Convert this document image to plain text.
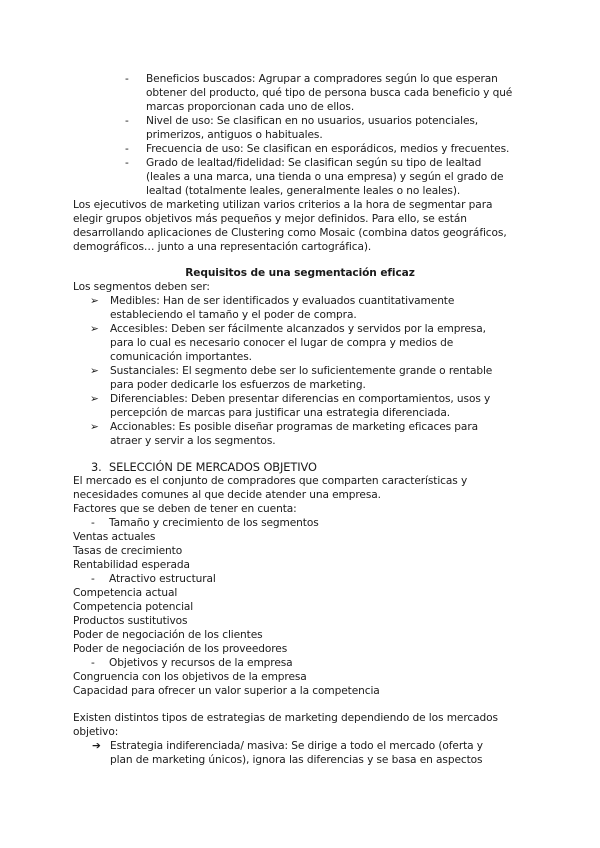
- Beneficios buscados: Agrupar a compradores según lo que esperan
obtener del producto, qué tipo de persona busca cada beneficio y qué
marcas proporcionan cada uno de ellos.
- Nivel de uso: Se clasifican en no usuarios, usuarios potenciales,
primerizos, antiguos o habituales.
- Frecuencia de uso: Se clasifican en esporádicos, medios y frecuentes.
- Grado de lealtad/fidelidad: Se clasifican según su tipo de lealtad
(leales a una marca, una tienda o una empresa) y según el grado de
lealtad (totalmente leales, generalmente leales o no leales).
Los ejecutivos de marketing utilizan varios criterios a la hora de segmentar para
elegir grupos objetivos más pequeños y mejor definidos. Para ello, se están
desarrollando aplicaciones de Clustering como Mosaic (combina datos geográficos,
demográficos… junto a una representación cartográfica).
Requisitos de una segmentación eficaz
Los segmentos deben ser:
➢ Medibles: Han de ser identificados y evaluados cuantitativamente
estableciendo el tamaño y el poder de compra.
➢ Accesibles: Deben ser fácilmente alcanzados y servidos por la empresa,
para lo cual es necesario conocer el lugar de compra y medios de
comunicación importantes.
➢ Sustanciales: El segmento debe ser lo suficientemente grande o rentable
para poder dedicarle los esfuerzos de marketing.
➢ Diferenciables: Deben presentar diferencias en comportamientos, usos y
percepción de marcas para justificar una estrategia diferenciada.
➢ Accionables: Es posible diseñar programas de marketing eficaces para
atraer y servir a los segmentos.
3. SELECCIÓN DE MERCADOS OBJETIVO
El mercado es el conjunto de compradores que comparten características y
necesidades comunes al que decide atender una empresa.
Factores que se deben de tener en cuenta:
- Tamaño y crecimiento de los segmentos
Ventas actuales
Tasas de crecimiento
Rentabilidad esperada
- Atractivo estructural
Competencia actual
Competencia potencial
Productos sustitutivos
Poder de negociación de los clientes
Poder de negociación de los proveedores
- Objetivos y recursos de la empresa
Congruencia con los objetivos de la empresa
Capacidad para ofrecer un valor superior a la competencia
Existen distintos tipos de estrategias de marketing dependiendo de los mercados
objetivo:
➔ Estrategia indiferenciada/ masiva: Se dirige a todo el mercado (oferta y
plan de marketing únicos), ignora las diferencias y se basa en aspectos
